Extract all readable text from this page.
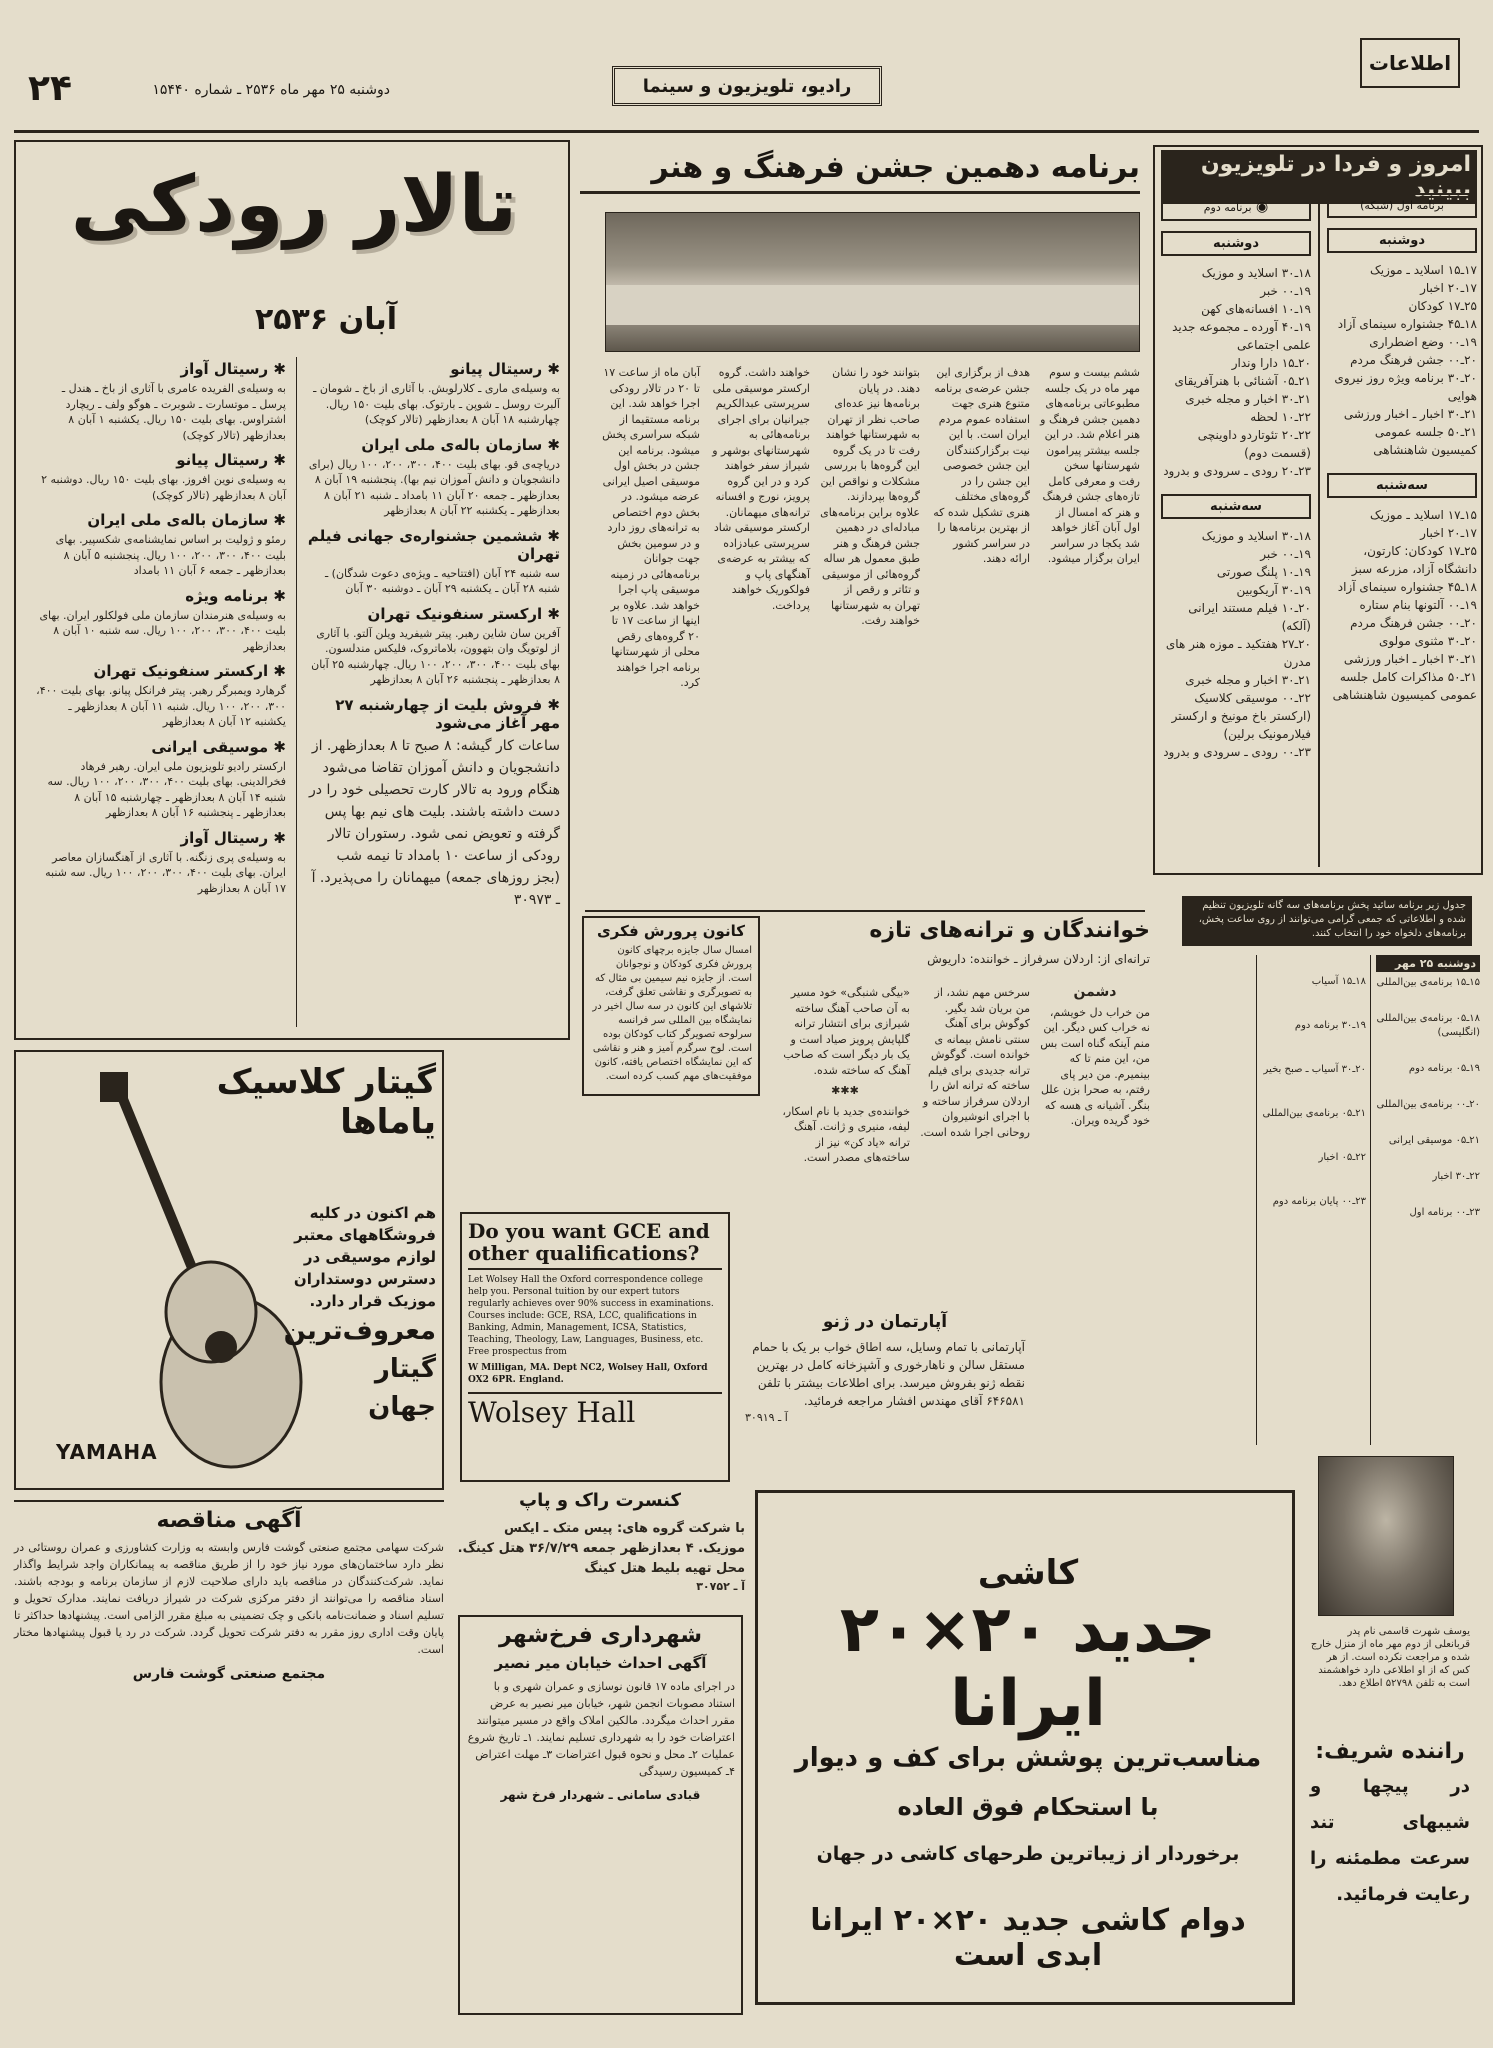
اطلاعات
رادیو، تلویزیون و سینما
دوشنبه ۲۵ مهر ماه ۲۵۳۶ ـ شماره ۱۵۴۴۰
۲۴
امروز و فردا در تلویزیون ببینید
برنامه اول (شبکه)
دوشنبه
۱۷ـ۱۵ اسلاید ـ موزیک
۱۷ـ۲۰ اخبار
۲۵ـ۱۷ کودکان
۱۸ـ۴۵ جشنواره سینمای آزاد
۱۹ـ۰۰ وضع اضطراری
۲۰ـ۰۰ جشن فرهنگ مردم
۲۰ـ۳۰ برنامه ویژه روز نیروی هوایی
۲۱ـ۳۰ اخبار ـ اخبار ورزشی
۲۱ـ۵۰ جلسه عمومی کمیسیون شاهنشاهی
سه‌شنبه
۱۵ـ۱۷ اسلاید ـ موزیک
۱۷ـ۲۰ اخبار
۲۵ـ۱۷ کودکان: کارتون، دانشگاه آزاد، مزرعه سبز
۱۸ـ۴۵ جشنواره سینمای آزاد
۱۹ـ۰۰ آلتونها بنام ستاره
۲۰ـ۰۰ جشن فرهنگ مردم
۲۰ـ۳۰ مثنوی مولوی
۲۱ـ۳۰ اخبار ـ اخبار ورزشی
۲۱ـ۵۰ مذاکرات کامل جلسه عمومی کمیسیون شاهنشاهی
◉ برنامه دوم
دوشنبه
۱۸ـ۳۰ اسلاید و موزیک
۱۹ـ۰۰ خبر
۱۹ـ۱۰ افسانه‌های کهن
۱۹ـ۴۰ آورده ـ مجموعه جدید علمی اجتماعی
۲۰ـ۱۵ دارا وندار
۲۱ـ۰۵ آشنائی با هنرآفریقای
۲۱ـ۳۰ اخبار و مجله خبری
۲۲ـ۱۰ لحظه
۲۲ـ۲۰ تئوتاردو داوینچی (قسمت دوم)
۲۳ـ۲۰ رودی ـ سرودی و بدرود
سه‌شنبه
۱۸ـ۳۰ اسلاید و موزیک
۱۹ـ۰۰ خبر
۱۹ـ۱۰ پلنگ صورتی
۱۹ـ۳۰ آریکوبین
۲۰ـ۱۰ فیلم مستند ایرانی (آلکه)
۲۰ـ۲۷ هفتکید ـ موزه هنر های مدرن
۲۱ـ۳۰ اخبار و مجله خبری
۲۲ـ۰۰ موسیقی کلاسیک (ارکستر باخ مونیخ و ارکستر فیلارمونیک برلین)
۲۳ـ۰۰ رودی ـ سرودی و بدرود
جدول زیر برنامه سائید پخش برنامه‌های سه گانه تلویزیون تنظیم شده و اطلاعاتی که جمعی گرامی می‌توانند از روی ساعت پخش، برنامه‌های دلخواه خود را انتخاب کنند.
برنامه دهمین جشن فرهنگ و هنر

ششم بیست و سوم مهر ماه در یک جلسه مطبوعاتی برنامه‌های دهمین جشن فرهنگ و هنر اعلام شد. در این جلسه بیشتر پیرامون شهرستانها سخن رفت و معرفی کامل تازه‌های جشن فرهنگ و هنر که امسال از اول آبان آغاز خواهد شد یکجا در سراسر ایران برگزار میشود.

هدف از برگزاری این جشن عرضه‌ی برنامه متنوع هنری جهت استفاده عموم مردم ایران است. با این نیت برگزارکنندگان این جشن خصوصی این جشن را در گروه‌های مختلف هنری تشکیل شده که از بهترین برنامه‌ها را در سراسر کشور ارائه دهند.

بتوانند خود را نشان دهند. در پایان برنامه‌ها نیز عده‌ای صاحب نظر از تهران به شهرستانها خواهند رفت تا در یک گروه این گروه‌ها با بررسی مشکلات و نواقص این گروه‌ها بپردازند. علاوه براین برنامه‌های مبادله‌ای در دهمین جشن فرهنگ و هنر طبق معمول هر ساله گروه‌هائی از موسیقی و تئاتر و رقص از تهران به شهرستانها خواهند رفت.

خواهند داشت. گروه ارکستر موسیقی ملی سرپرستی عبدالکریم جیرانیان برای اجرای برنامه‌هائی به شهرستانهای بوشهر و شیراز سفر خواهند کرد و در این گروه پرویز، نورج و افسانه ترانه‌های میهمانان. ارکستر موسیقی شاد سرپرستی عبادزاده که بیشتر به عرضه‌ی آهنگهای پاپ و فولکوریک خواهند پرداخت.

آبان ماه از ساعت ۱۷ تا ۲۰ در تالار رودکی اجرا خواهد شد. این برنامه مستقیما از شبکه سراسری پخش میشود. برنامه این جشن در بخش اول موسیقی اصیل ایرانی عرضه میشود. در بخش دوم اختصاص به ترانه‌های روز دارد و در سومین بخش جهت جوانان برنامه‌هائی در زمینه موسیقی پاپ اجرا خواهد شد. علاوه بر اینها از ساعت ۱۷ تا ۲۰ گروه‌های رقص محلی از شهرستانها برنامه اجرا خواهند کرد.

تالار رودکی
آبان ۲۵۳۶
✱ رسیتال پیانو
به وسیله‌ی ماری ـ کلارلوبش. با آثاری از باخ ـ شومان ـ آلبرت روسل ـ شوپن ـ بارتوک. بهای بلیت ۱۵۰ ریال. چهارشنبه ۱۸ آبان ۸ بعدازظهر (تالار کوچک)
✱ سازمان باله‌ی ملی ایران
دریاچه‌ی قو. بهای بلیت ۴۰۰، ۳۰۰، ۲۰۰، ۱۰۰ ریال (برای دانشجویان و دانش آموزان نیم بها). پنجشنبه ۱۹ آبان ۸ بعدازظهر ـ جمعه ۲۰ آبان ۱۱ بامداد ـ شنبه ۲۱ آبان ۸ بعدازظهر ـ یکشنبه ۲۲ آبان ۸ بعدازظهر
✱ ششمین جشنواره‌ی جهانی فیلم تهران
سه شنبه ۲۴ آبان (افتتاحیه ـ ویژه‌ی دعوت شدگان) ـ شنبه ۲۸ آبان ـ یکشنبه ۲۹ آبان ـ دوشنبه ۳۰ آبان
✱ ارکستر سنفونیک تهران
آفرین سان شاین رهبر. پیتر شیفرید ویلن آلتو. با آثاری از لوتویگ وان بتهوون، بلاماتروک، فلیکس مندلسون. بهای بلیت ۴۰۰، ۳۰۰، ۲۰۰، ۱۰۰ ریال. چهارشنبه ۲۵ آبان ۸ بعدازظهر ـ پنجشنبه ۲۶ آبان ۸ بعدازظهر
✱ فروش بلیت از چهارشنبه ۲۷ مهر آغاز می‌شود
ساعات کار گیشه: ۸ صبح تا ۸ بعدازظهر. از دانشجویان و دانش آموزان تقاضا می‌شود هنگام ورود به تالار کارت تحصیلی خود را در دست داشته باشند. بلیت های نیم بها پس گرفته و تعویض نمی شود. رستوران تالار رودکی از ساعت ۱۰ بامداد تا نیمه شب (بجز روزهای جمعه) میهمانان را می‌پذیرد. آ ـ ۳۰۹۷۳
✱ رسیتال آواز
به وسیله‌ی الفریده عامری با آثاری از باخ ـ هندل ـ پرسل ـ موتسارت ـ شوبرت ـ هوگو ولف ـ ریچارد اشتراوس. بهای بلیت ۱۵۰ ریال. یکشنبه ۱ آبان ۸ بعدازظهر (تالار کوچک)
✱ رسیتال پیانو
به وسیله‌ی نوین افروز. بهای بلیت ۱۵۰ ریال. دوشنبه ۲ آبان ۸ بعدازظهر (تالار کوچک)
✱ سازمان باله‌ی ملی ایران
رمئو و ژولیت بر اساس نمایشنامه‌ی شکسپیر. بهای بلیت ۴۰۰، ۳۰۰، ۲۰۰، ۱۰۰ ریال. پنجشنبه ۵ آبان ۸ بعدازظهر ـ جمعه ۶ آبان ۱۱ بامداد
✱ برنامه ویژه
به وسیله‌ی هنرمندان سازمان ملی فولکلور ایران. بهای بلیت ۴۰۰، ۳۰۰، ۲۰۰، ۱۰۰ ریال. سه شنبه ۱۰ آبان ۸ بعدازظهر
✱ ارکستر سنفونیک تهران
گرهارد ویمبرگر رهبر. پیتر فرانکل پیانو. بهای بلیت ۴۰۰، ۳۰۰، ۲۰۰، ۱۰۰ ریال. شنبه ۱۱ آبان ۸ بعدازظهر ـ یکشنبه ۱۲ آبان ۸ بعدازظهر
✱ موسیقی ایرانی
ارکستر رادیو تلویزیون ملی ایران. رهبر فرهاد فخرالدینی. بهای بلیت ۴۰۰، ۳۰۰، ۲۰۰، ۱۰۰ ریال. سه شنبه ۱۴ آبان ۸ بعدازظهر ـ چهارشنبه ۱۵ آبان ۸ بعدازظهر ـ پنجشنبه ۱۶ آبان ۸ بعدازظهر
✱ رسیتال آواز
به وسیله‌ی پری زنگنه. با آثاری از آهنگسازان معاصر ایران. بهای بلیت ۴۰۰، ۳۰۰، ۲۰۰، ۱۰۰ ریال. سه شنبه ۱۷ آبان ۸ بعدازظهر
کانون پرورش فکری
امسال سال جایزه برچهای کانون پرورش فکری کودکان و نوجوانان است. از جایزه نیم سیمین بی مثال که به تصویرگری و نقاشی تعلق گرفت، تلاشهای این کانون در سه سال اخیر در نمایشگاه بین المللی سر فرانسه سرلوحه تصویرگر کتاب کودکان بوده است. لوح سرگرم آمیز و هنر و نقاشی که این نمایشگاه اختصاص یافته، کانون موفقیت‌های مهم کسب کرده است.
خوانندگان و ترانه‌های تازه
ترانه‌ای از: اردلان سرفراز ـ خواننده: داریوش
دشمن

من خراب دل خویشم، نه خراب کس دیگر. این منم آینکه گناه است بس من، این منم تا که بینمیرم. من دیر پای رفتم، به صحرا بزن علل بنگر. آشیانه ی هسه که خود گریده ویران.

سرخس مهم نشد، از من بریان شد بگیر. کوگوش برای آهنگ سنتی نامش بیمانه ی خوانده است. گوگوش ترانه جدیدی برای فیلم ساخته که ترانه اش را اردلان سرفراز ساخته و با اجرای انوشیروان روحانی اجرا شده است.

«بیگی شنبگی» خود مسیر به آن صاحب آهنگ ساخته شیرازی برای انتشار ترانه گلپایش پرویز صیاد است و یک بار دیگر است که صاحب آهنگ که ساخته شده.

✱✱✱

خواننده‌ی جدید با نام اسکار، لیفه، منیری و ژانت. آهنگ ترانه «یاد کن» نیز از ساخته‌های مصدر است.

دوشنبه ۲۵ مهر
۱۵ـ۱۵ برنامه‌ی بین‌المللی
۱۸ـ۰۵ برنامه‌ی بین‌المللی (انگلیسی)
۱۹ـ۰۵ برنامه دوم
۲۰ـ۰۰ برنامه‌ی بین‌المللی
۲۱ـ۰۵ موسیقی ایرانی
۲۲ـ۳۰ اخبار
۲۳ـ۰۰ برنامه اول
۱۸ـ۱۵ آسیاب
۱۹ـ۳۰ برنامه دوم
۲۰ـ۳۰ آسیاب ـ صبح بخیر
۲۱ـ۰۵ برنامه‌ی بین‌المللی
۲۲ـ۰۵ اخبار
۲۳ـ۰۰ پایان برنامه دوم
گیتار کلاسیک یاماها
هم اکنون در کلیه فروشگاههای معتبر لوازم موسیقی در دسترس دوستداران موزیک قرار دارد.
معروف‌ترین گیتار جهان
YAMAHA
Do you want GCE and other qualifications?
Let Wolsey Hall the Oxford correspondence college help you. Personal tuition by our expert tutors regularly achieves over 90% success in examinations. Courses include: GCE, RSA, LCC, qualifications in Banking, Admin, Management, ICSA, Statistics, Teaching, Theology, Law, Languages, Business, etc. Free prospectus from
W Milligan, MA. Dept NC2, Wolsey Hall, Oxford OX2 6PR. England.
Wolsey Hall
آپارتمان در ژنو
آپارتمانی با تمام وسایل، سه اطاق خواب بر یک با حمام مستقل سالن و ناهارخوری و آشپزخانه کامل در بهترین نقطه ژنو بفروش میرسد. برای اطلاعات بیشتر با تلفن ۶۴۶۵۸۱ آقای مهندس افشار مراجعه فرمائید.
آ ـ ۳۰۹۱۹
یوسف شهرت قاسمی نام پدر قربانعلی از دوم مهر ماه از منزل خارج شده و مراجعت نکرده است. از هر کس که از او اطلاعی دارد خواهشمند است به تلفن ۵۲۷۹۸ اطلاع دهد.
راننده شریف:
در پیچها و شیبهای تند سرعت مطمئنه را رعایت فرمائید.
کاشی
جدید ۲۰×۲۰ ایرانا
مناسب‌ترین پوشش برای کف و دیوار
با استحکام فوق العاده
برخوردار از زیباترین طرحهای کاشی در جهان
دوام کاشی جدید ۲۰×۲۰ ایرانا ابدی است
کنسرت راک و پاپ
با شرکت گروه های: پیس متک ـ ایکس موزیک. ۴ بعدازظهر جمعه ۳۶/۷/۲۹ هتل کینگ. محل تهیه بلیط هتل کینگ
آ ـ ۳۰۷۵۲
آگهی مناقصه
شرکت سهامی مجتمع صنعتی گوشت فارس وابسته به وزارت کشاورزی و عمران روستائی در نظر دارد ساختمان‌های مورد نیاز خود را از طریق مناقصه به پیمانکاران واجد شرایط واگذار نماید. شرکت‌کنندگان در مناقصه باید دارای صلاحیت لازم از سازمان برنامه و بودجه باشند. اسناد مناقصه را می‌توانند از دفتر مرکزی شرکت در شیراز دریافت نمایند. مدارک تحویل و تسلیم اسناد و ضمانت‌نامه بانکی و چک تضمینی به مبلغ مقرر الزامی است. پیشنهادها حداکثر تا پایان وقت اداری روز مقرر به دفتر شرکت تحویل گردد. شرکت در رد یا قبول پیشنهادها مختار است.
مجتمع صنعتی گوشت فارس
شهرداری فرخ‌شهر
آگهی احداث خیابان میر نصیر
در اجرای ماده ۱۷ قانون نوسازی و عمران شهری و با استناد مصوبات انجمن شهر، خیابان میر نصیر به عرض مقرر احداث میگردد. مالکین املاک واقع در مسیر میتوانند اعتراضات خود را به شهرداری تسلیم نمایند. ۱ـ تاریخ شروع عملیات ۲ـ محل و نحوه قبول اعتراضات ۳ـ مهلت اعتراض ۴ـ کمیسیون رسیدگی
قبادی سامانی ـ شهردار فرخ شهر
